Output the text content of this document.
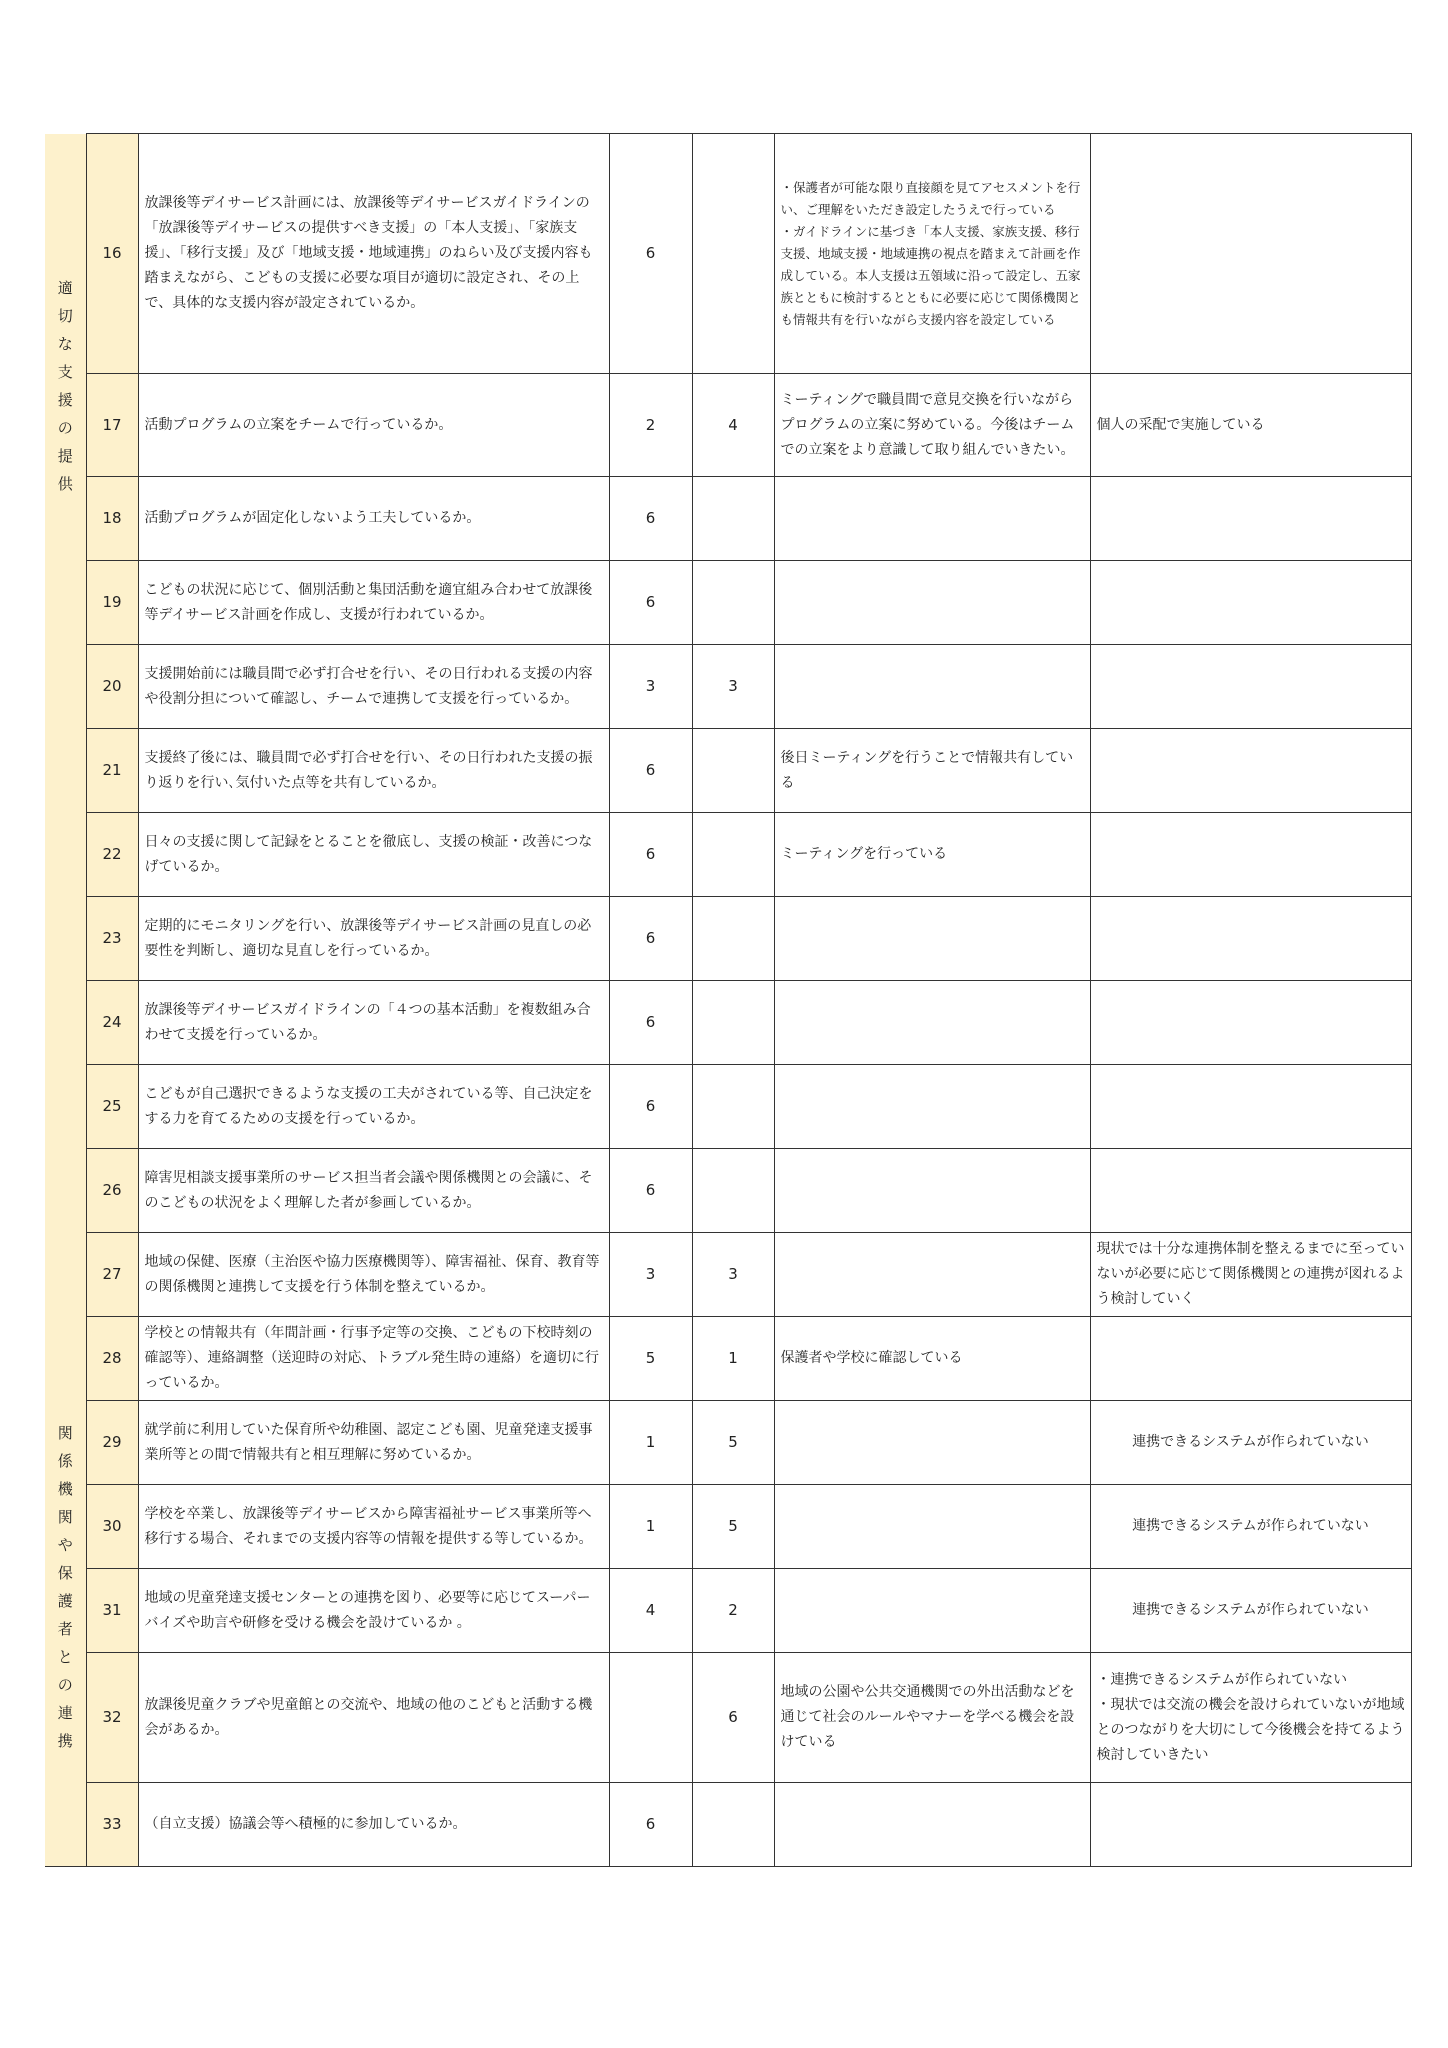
適切な支援の提供	16	放課後等デイサービス計画には、放課後等デイサービスガイドラインの「放課後等デイサービスの提供すべき支援」の「本人支援」、「家族支援」、「移行支援」及び「地域支援・地域連携」のねらい及び支援内容も踏まえながら、こどもの支援に必要な項目が適切に設定され、その上で、具体的な支援内容が設定されているか。	6		・保護者が可能な限り直接顔を見てアセスメントを行い、ご理解をいただき設定したうえで行っている
・ガイドラインに基づき「本人支援、家族支援、移行支援、地域支援・地域連携の視点を踏まえて計画を作成している。本人支援は五領域に沿って設定し、五家族とともに検討するとともに必要に応じて関係機関とも情報共有を行いながら支援内容を設定している	
	17	活動プログラムの立案をチームで行っているか。	2	4	ミーティングで職員間で意見交換を行いながらプログラムの立案に努めている。今後はチームでの立案をより意識して取り組んでいきたい。	個人の采配で実施している
	18	活動プログラムが固定化しないよう工夫しているか。	6			
	19	こどもの状況に応じて、個別活動と集団活動を適宜組み合わせて放課後等デイサービス計画を作成し、支援が行われているか。	6			
	20	支援開始前には職員間で必ず打合せを行い、その日行われる支援の内容や役割分担について確認し、チームで連携して支援を行っているか。	3	3		
	21	支援終了後には、職員間で必ず打合せを行い、その日行われた支援の振り返りを行い､気付いた点等を共有しているか。	6		後日ミーティングを行うことで情報共有している	
	22	日々の支援に関して記録をとることを徹底し、支援の検証・改善につなげているか。	6		ミーティングを行っている	
	23	定期的にモニタリングを行い、放課後等デイサービス計画の見直しの必要性を判断し、適切な見直しを行っているか。	6			
	24	放課後等デイサービスガイドラインの「４つの基本活動」を複数組み合わせて支援を行っているか。	6			
	25	こどもが自己選択できるような支援の工夫がされている等、自己決定をする力を育てるための支援を行っているか。	6			
関係機関や保護者との連携	26	障害児相談支援事業所のサービス担当者会議や関係機関との会議に、そのこどもの状況をよく理解した者が参画しているか。	6			
	27	地域の保健、医療（主治医や協力医療機関等）、障害福祉、保育、教育等の関係機関と連携して支援を行う体制を整えているか。	3	3		現状では十分な連携体制を整えるまでに至っていないが必要に応じて関係機関との連携が図れるよう検討していく
	28	学校との情報共有（年間計画・行事予定等の交換、こどもの下校時刻の確認等）、連絡調整（送迎時の対応、トラブル発生時の連絡）を適切に行っているか。	5	1	保護者や学校に確認している	
	29	就学前に利用していた保育所や幼稚園、認定こども園、児童発達支援事業所等との間で情報共有と相互理解に努めているか。	1	5		連携できるシステムが作られていない
	30	学校を卒業し、放課後等デイサービスから障害福祉サービス事業所等へ移行する場合、それまでの支援内容等の情報を提供する等しているか。	1	5		連携できるシステムが作られていない
	31	地域の児童発達支援センターとの連携を図り、必要等に応じてスーパーバイズや助言や研修を受ける機会を設けているか 。	4	2		連携できるシステムが作られていない
	32	放課後児童クラブや児童館との交流や、地域の他のこどもと活動する機会があるか。		6	地域の公園や公共交通機関での外出活動などを通じて社会のルールやマナーを学べる機会を設けている	・連携できるシステムが作られていない
・現状では交流の機会を設けられていないが地域とのつながりを大切にして今後機会を持てるよう検討していきたい
	33	（自立支援）協議会等へ積極的に参加しているか。	6			
